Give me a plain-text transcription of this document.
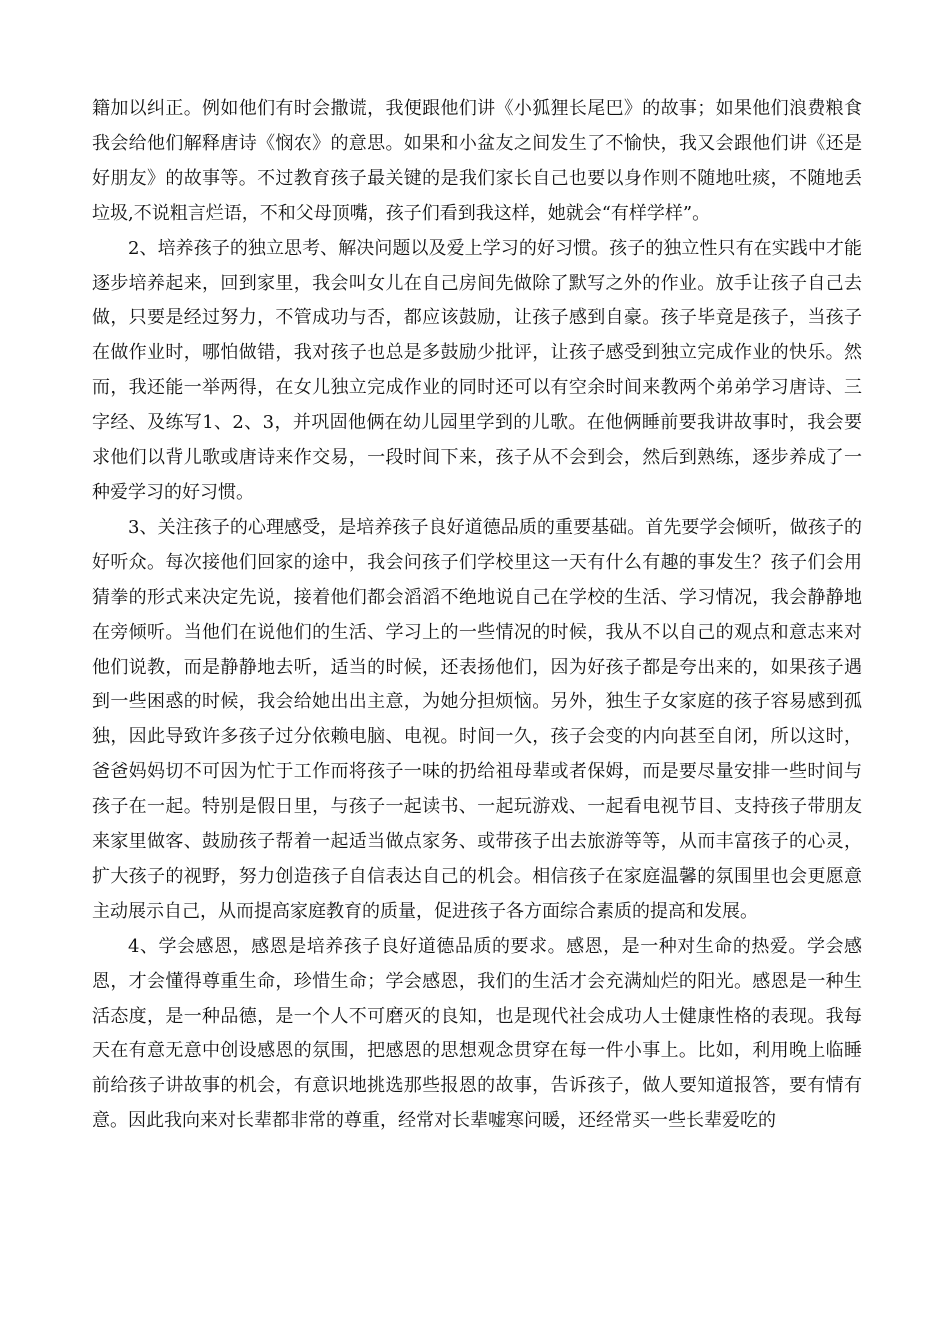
籍加以纠正。例如他们有时会撒谎，我便跟他们讲《小狐狸长尾巴》的故事；如果他们浪费粮食我会给他们解释唐诗《悯农》的意思。如果和小盆友之间发生了不愉快，我又会跟他们讲《还是好朋友》的故事等。不过教育孩子最关键的是我们家长自己也要以身作则不随地吐痰，不随地丢垃圾,不说粗言烂语，不和父母顶嘴，孩子们看到我这样，她就会“有样学样”。

2、培养孩子的独立思考、解决问题以及爱上学习的好习惯。孩子的独立性只有在实践中才能逐步培养起来，回到家里，我会叫女儿在自己房间先做除了默写之外的作业。放手让孩子自己去做，只要是经过努力，不管成功与否，都应该鼓励，让孩子感到自豪。孩子毕竟是孩子，当孩子在做作业时，哪怕做错，我对孩子也总是多鼓励少批评，让孩子感受到独立完成作业的快乐。然而，我还能一举两得，在女儿独立完成作业的同时还可以有空余时间来教两个弟弟学习唐诗、三字经、及练写1、2、3，并巩固他俩在幼儿园里学到的儿歌。在他俩睡前要我讲故事时，我会要求他们以背儿歌或唐诗来作交易，一段时间下来，孩子从不会到会，然后到熟练，逐步养成了一种爱学习的好习惯。

3、关注孩子的心理感受，是培养孩子良好道德品质的重要基础。首先要学会倾听，做孩子的好听众。每次接他们回家的途中，我会问孩子们学校里这一天有什么有趣的事发生？孩子们会用猜拳的形式来决定先说，接着他们都会滔滔不绝地说自己在学校的生活、学习情况，我会静静地在旁倾听。当他们在说他们的生活、学习上的一些情况的时候，我从不以自己的观点和意志来对他们说教，而是静静地去听，适当的时候，还表扬他们，因为好孩子都是夸出来的，如果孩子遇到一些困惑的时候，我会给她出出主意，为她分担烦恼。另外，独生子女家庭的孩子容易感到孤独，因此导致许多孩子过分依赖电脑、电视。时间一久，孩子会变的内向甚至自闭，所以这时，爸爸妈妈切不可因为忙于工作而将孩子一味的扔给祖母辈或者保姆，而是要尽量安排一些时间与孩子在一起。特别是假日里，与孩子一起读书、一起玩游戏、一起看电视节目、支持孩子带朋友来家里做客、鼓励孩子帮着一起适当做点家务、或带孩子出去旅游等等，从而丰富孩子的心灵，扩大孩子的视野，努力创造孩子自信表达自己的机会。相信孩子在家庭温馨的氛围里也会更愿意主动展示自己，从而提高家庭教育的质量，促进孩子各方面综合素质的提高和发展。

4、学会感恩，感恩是培养孩子良好道德品质的要求。感恩，是一种对生命的热爱。学会感恩，才会懂得尊重生命，珍惜生命；学会感恩，我们的生活才会充满灿烂的阳光。感恩是一种生活态度，是一种品德，是一个人不可磨灭的良知，也是现代社会成功人士健康性格的表现。我每天在有意无意中创设感恩的氛围，把感恩的思想观念贯穿在每一件小事上。比如，利用晚上临睡前给孩子讲故事的机会，有意识地挑选那些报恩的故事，告诉孩子，做人要知道报答，要有情有意。因此我向来对长辈都非常的尊重，经常对长辈嘘寒问暖，还经常买一些长辈爱吃的
